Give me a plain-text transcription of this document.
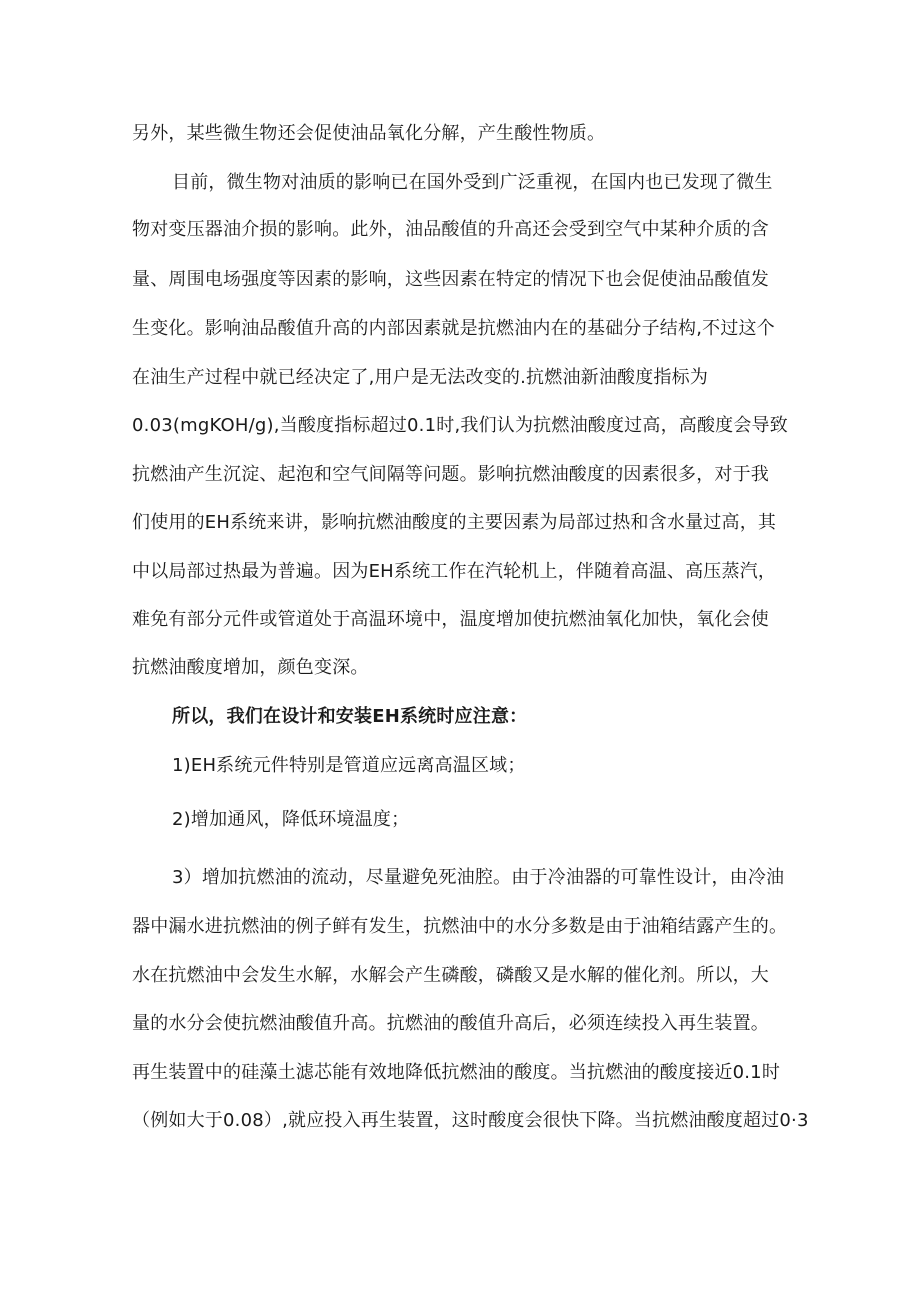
另外，某些微生物还会促使油品氧化分解，产生酸性物质。
目前，微生物对油质的影响已在国外受到广泛重视，在国内也已发现了微生
物对变压器油介损的影响。此外，油品酸值的升高还会受到空气中某种介质的含
量、周围电场强度等因素的影响，这些因素在特定的情况下也会促使油品酸值发
生变化。影响油品酸值升高的内部因素就是抗燃油内在的基础分子结构,不过这个
在油生产过程中就已经决定了,用户是无法改变的.抗燃油新油酸度指标为
0.03(mgKOH/g),当酸度指标超过0.1时,我们认为抗燃油酸度过高，高酸度会导致
抗燃油产生沉淀、起泡和空气间隔等问题。影响抗燃油酸度的因素很多，对于我
们使用的EH系统来讲，影响抗燃油酸度的主要因素为局部过热和含水量过高，其
中以局部过热最为普遍。因为EH系统工作在汽轮机上，伴随着高温、高压蒸汽，
难免有部分元件或管道处于高温环境中，温度增加使抗燃油氧化加快，氧化会使
抗燃油酸度增加，颜色变深。
所以，我们在设计和安装EH系统时应注意：
1)EH系统元件特别是管道应远离高温区域；
2)增加通风，降低环境温度；
3）增加抗燃油的流动，尽量避免死油腔。由于冷油器的可靠性设计，由冷油
器中漏水进抗燃油的例子鲜有发生，抗燃油中的水分多数是由于油箱结露产生的。
水在抗燃油中会发生水解，水解会产生磷酸，磷酸又是水解的催化剂。所以，大
量的水分会使抗燃油酸值升高。抗燃油的酸值升高后，必须连续投入再生装置。
再生装置中的硅藻土滤芯能有效地降低抗燃油的酸度。当抗燃油的酸度接近0.1时
（例如大于0.08）,就应投入再生装置，这时酸度会很快下降。当抗燃油酸度超过0·3
